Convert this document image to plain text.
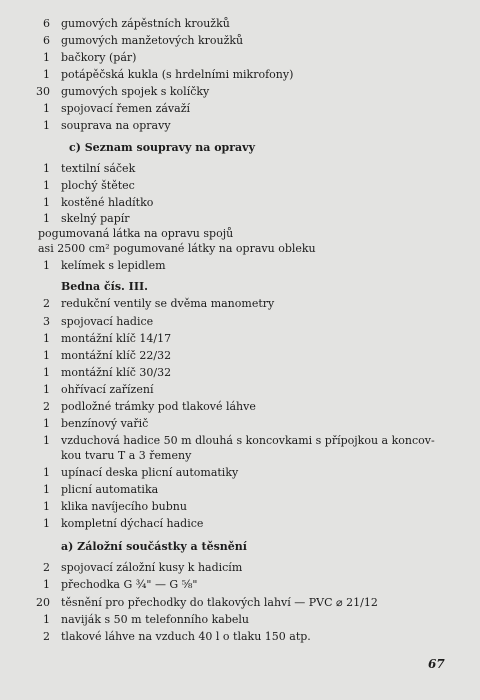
6 gumových zápěstních kroužků
6 gumových manžetových kroužků
1 bačkory (pár)
1 potápěčská kukla (s hrdelními mikrofony)
30 gumových spojek s kolíčky
1 spojovací řemen závaží
1 souprava na opravy
c) Seznam soupravy na opravy
1 textilní sáček
1 plochý štětec
1 kostěné hladítko
1 skelný papír
pogumovaná látka na opravu spojů
asi 2500 cm² pogumované látky na opravu obleku
1 kelímek s lepidlem
Bedna čís. III.
2 redukční ventily se dvěma manometry
3 spojovací hadice
1 montážní klíč 14/17
1 montážní klíč 22/32
1 montážní klíč 30/32
1 ohřívací zařízení
2 podložné trámky pod tlakové láhve
1 benzínový vařič
1 vzduchová hadice 50 m dlouhá s koncovkami s přípojkou a koncov-
kou tvaru T a 3 řemeny
1 upínací deska plicní automatiky
1 plicní automatika
1 klika navíjecího bubnu
1 kompletní dýchací hadice
a) Záložní součástky a těsnění
2 spojovací záložní kusy k hadicím
1 přechodka G ¾" — G ⁵⁄₈"
20 těsnění pro přechodky do tlakových lahví — PVC ⌀ 21/12
1 naviják s 50 m telefonního kabelu
2 tlakové láhve na vzduch 40 l o tlaku 150 atp.
67
